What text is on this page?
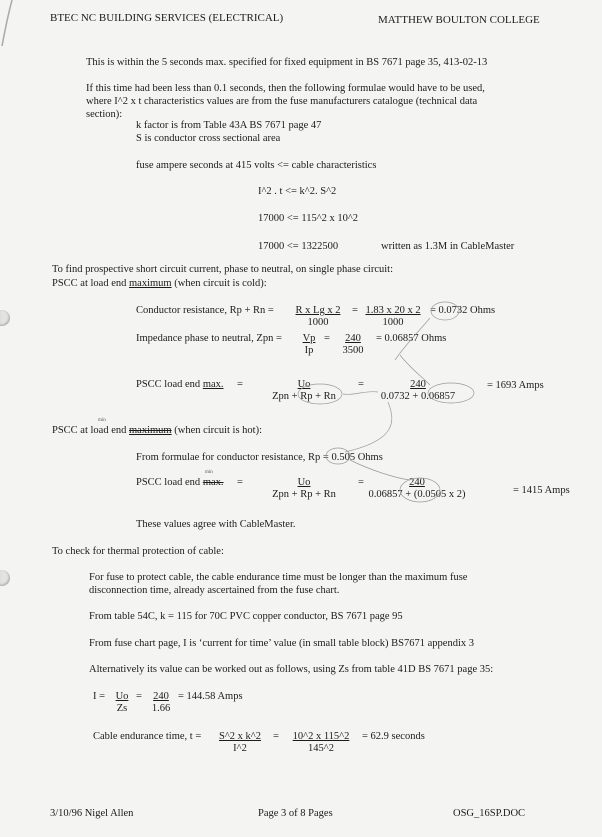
BTEC NC BUILDING SERVICES (ELECTRICAL)	MATTHEW BOULTON COLLEGE
This is within the 5 seconds max. specified for fixed equipment in BS 7671 page 35, 413-02-13
If this time had been less than 0.1 seconds, then the following formulae would have to be used,
where I^2 x t characteristics values are from the fuse manufacturers catalogue (technical data
section):
k factor is from Table 43A BS 7671 page 47
S is conductor cross sectional area
fuse ampere seconds at 415 volts <= cable characteristics
I^2 . t <= k^2. S^2
17000 <= 115^2 x 10^2
17000 <= 1322500	written as 1.3M in CableMaster
To find prospective short circuit current, phase to neutral, on single phase circuit:
PSCC at load end maximum (when circuit is cold):
Conductor resistance, $Rp + Rn = \frac{\text{R x Lg x 2}}{1000} = \frac{1.83 x 20 x 2}{1000} = 0.0732$ Ohms
Impedance phase to neutral, Zpn = $\frac{Vp}{Ip} = \frac{240}{3500} = 0.06857$ Ohms
PSCC load end max. =	Uo
Zpn + Rp + Rn
= $\frac{240}{0.0732 + 0.06857} = 1693$ Amps
min
PSCC at load end maximum (when circuit is hot):
From formulae for conductor resistance, Rp = 0.505 Ohms
min
PSCC load end max. =	Uo
Zpn + Rp + Rn
=
$\frac{240}{0.06857 + (0.0505 x 2)}$	= 1415 Amps
These values agree with CableMaster.
To check for thermal protection of cable:
For fuse to protect cable, the cable endurance time must be longer than the maximum fuse
disconnection time, already ascertained from the fuse chart.
From table 54C, k = 115 for 70C PVC copper conductor, BS 7671 page 95
From fuse chart page, I is ‘current for time’ value (in small table block) BS7671 appendix 3
Alternatively its value can be worked out as follows, using Zs from table 41D BS 7671 page 35:
$I = \frac{Uo}{Zs} = \frac{240}{1.66} = 144.58$ Amps
Cable endurance time, $t = \frac{\text{S\textasciicircum{}2 x k\textasciicircum{}2}}{I\^{}2} = \frac{10\^{}2 x 115\^{}2}{145\^{}2} = 62.9$ seconds
3/10/96 Nigel Allen	Page 3 of 8 Pages	OSG_16SP.DOC
